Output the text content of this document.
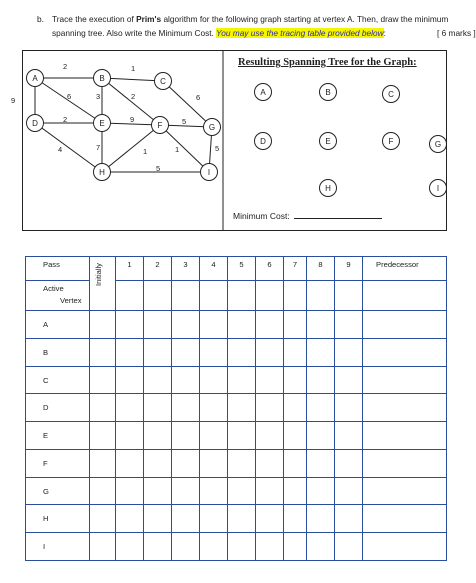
b. Trace the execution of Prim's algorithm for the following graph starting at vertex A. Then, draw the minimum
spanning tree. Also write the Minimum Cost. You may use the tracing table provided below:	[ 6 marks ]
2	1
6
9	3	2
2
6
9	5
4	7	1	1
5
5
A	B	C
D	E	F	G
H	I
A	B	C
D	E	F	G
H	I
Resulting Spanning Tree for the Graph:
Minimum Cost:
Pass	Initially	1	2	3	4	5	6	7	8	9	Predecessor

Active
Vertex											

A											

B											

C											

D											

E											

F											

G											

H											

I											
